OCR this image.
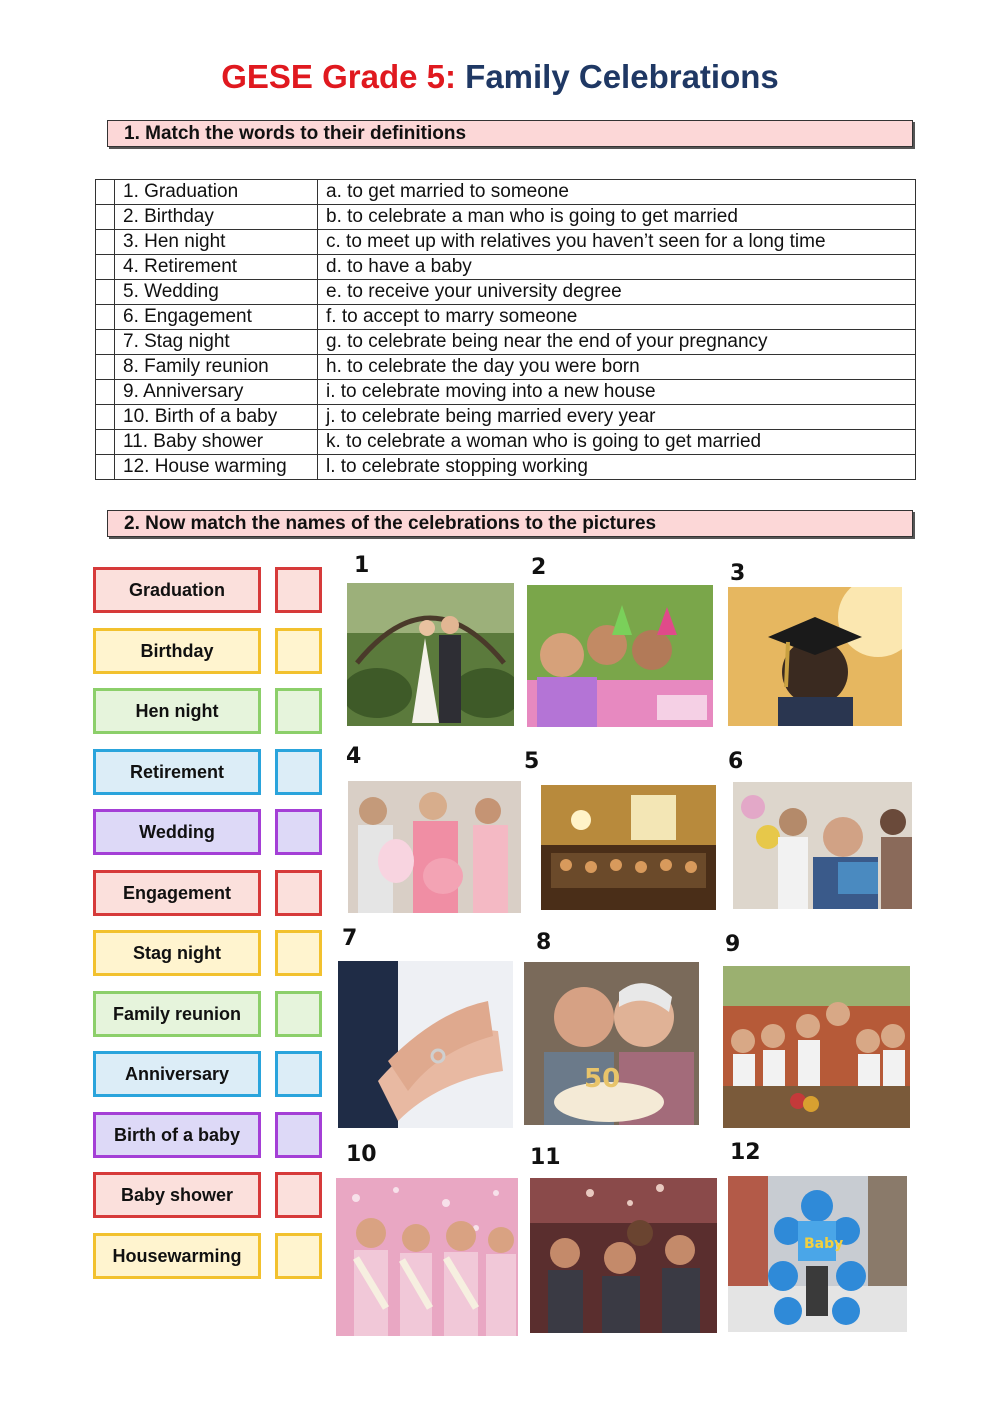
GESE Grade 5: Family Celebrations
1. Match the words to their definitions
	1. Graduation	a. to get married to someone
	2. Birthday	b. to celebrate a man who is going to get married
	3. Hen night	c. to meet up with relatives you haven’t seen for a long time
	4. Retirement	d. to have a baby
	5. Wedding	e. to receive your university degree
	6. Engagement	f. to accept to marry someone
	7. Stag night	g. to celebrate being near the end of your pregnancy
	8. Family reunion	h. to celebrate the day you were born
	9. Anniversary	i. to celebrate moving into a new house
	10. Birth of a baby	j. to celebrate being married every year
	11. Baby shower	k. to celebrate a woman who is going to get married
	12. House warming	l. to celebrate stopping working
2. Now match the names of the celebrations to the pictures
Graduation
Birthday
Hen night
Retirement
Wedding
Engagement
Stag night
Family reunion
Anniversary
Birth of a baby
Baby shower
Housewarming
1	2	3
4	5	6
7	8	9
10	11	12
50
Baby
